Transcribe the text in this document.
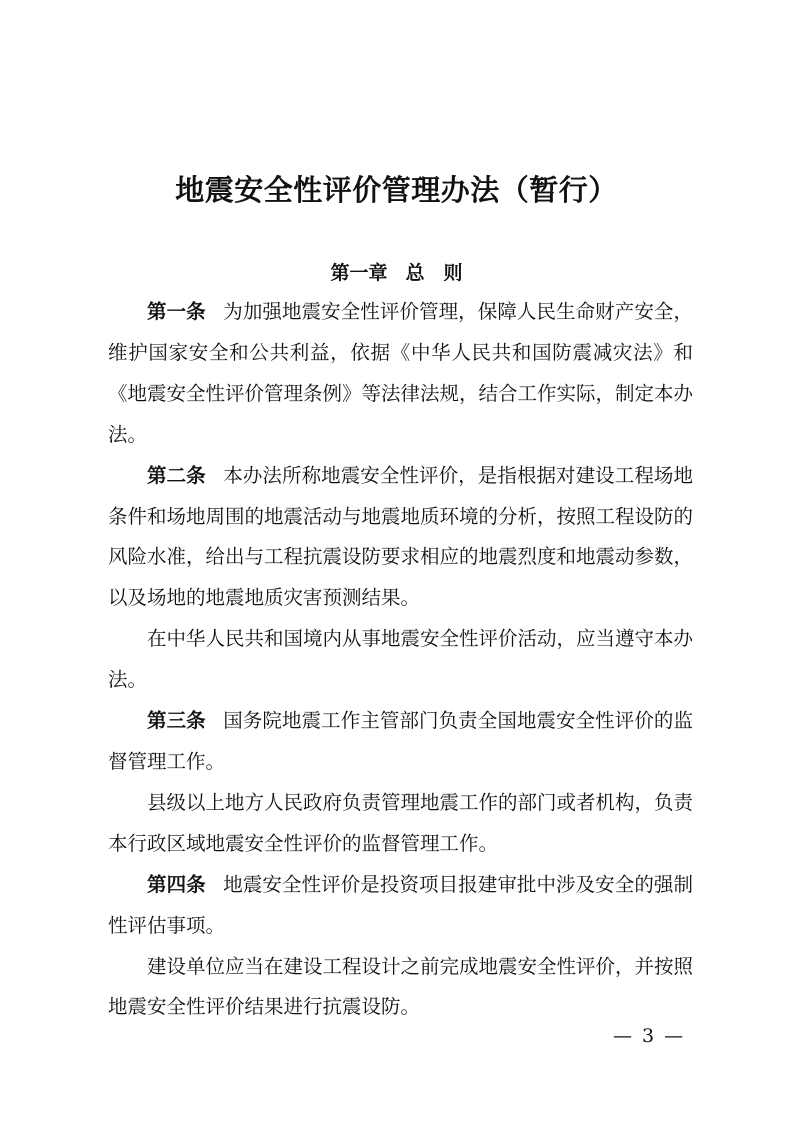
地震安全性评价管理办法（暂行）
第一章 总　则

第一条 为加强地震安全性评价管理，保障人民生命财产安全，维护国家安全和公共利益，依据《中华人民共和国防震减灾法》和《地震安全性评价管理条例》等法律法规，结合工作实际，制定本办法。

第二条 本办法所称地震安全性评价，是指根据对建设工程场地条件和场地周围的地震活动与地震地质环境的分析，按照工程设防的风险水准，给出与工程抗震设防要求相应的地震烈度和地震动参数，以及场地的地震地质灾害预测结果。

在中华人民共和国境内从事地震安全性评价活动，应当遵守本办法。

第三条 国务院地震工作主管部门负责全国地震安全性评价的监督管理工作。

县级以上地方人民政府负责管理地震工作的部门或者机构，负责本行政区域地震安全性评价的监督管理工作。

第四条 地震安全性评价是投资项目报建审批中涉及安全的强制性评估事项。

建设单位应当在建设工程设计之前完成地震安全性评价，并按照地震安全性评价结果进行抗震设防。

— 3 —
